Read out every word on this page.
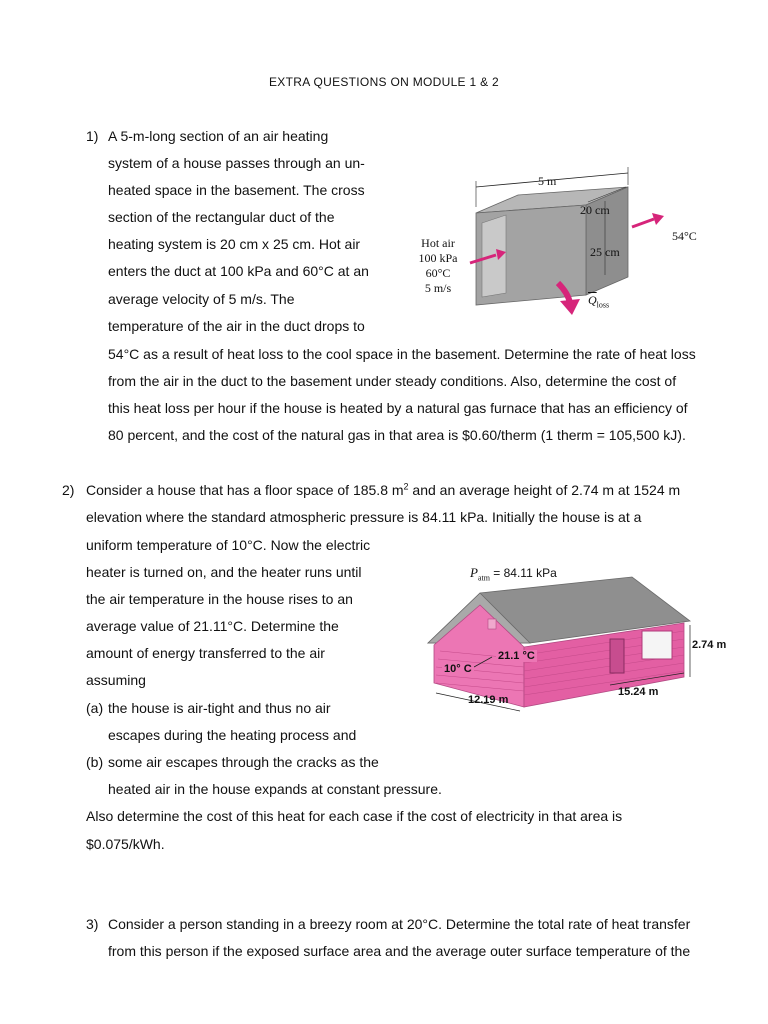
EXTRA QUESTIONS ON MODULE 1 & 2
1) A 5-m-long section of an air heating
system of a house passes through an un-
heated space in the basement. The cross
section of the rectangular duct of the
heating system is 20 cm x 25 cm. Hot air
enters the duct at 100 kPa and 60°C at an
average velocity of 5 m/s. The
temperature of the air in the duct drops to
54°C as a result of heat loss to the cool space in the basement. Determine the rate of heat loss
from the air in the duct to the basement under steady conditions. Also, determine the cost of
this heat loss per hour if the house is heated by a natural gas furnace that has an efficiency of
80 percent, and the cost of the natural gas in that area is $0.60/therm (1 therm = 105,500 kJ).
5 m
20 cm
25 cm
54°C
Hot air
100 kPa
60°C
5 m/s
$\overline{Q}_{loss}$
2) Consider a house that has a floor space of 185.8 $m^2$ and an average height of 2.74 m at 1524 m
elevation where the standard atmospheric pressure is 84.11 kPa. Initially the house is at a
uniform temperature of 10°C. Now the electric
heater is turned on, and the heater runs until
the air temperature in the house rises to an
average value of 21.11°C. Determine the
amount of energy transferred to the air
assuming
(a) the house is air-tight and thus no air
escapes during the heating process and
(b) some air escapes through the cracks as the
heated air in the house expands at constant pressure.
Also determine the cost of this heat for each case if the cost of electricity in that area is
$0.075/kWh.
$P_{atm} = 84.11$ kPa
21.1 °C
10° C
2.74 m
15.24 m
12.19 m
3) Consider a person standing in a breezy room at 20°C. Determine the total rate of heat transfer
from this person if the exposed surface area and the average outer surface temperature of the
